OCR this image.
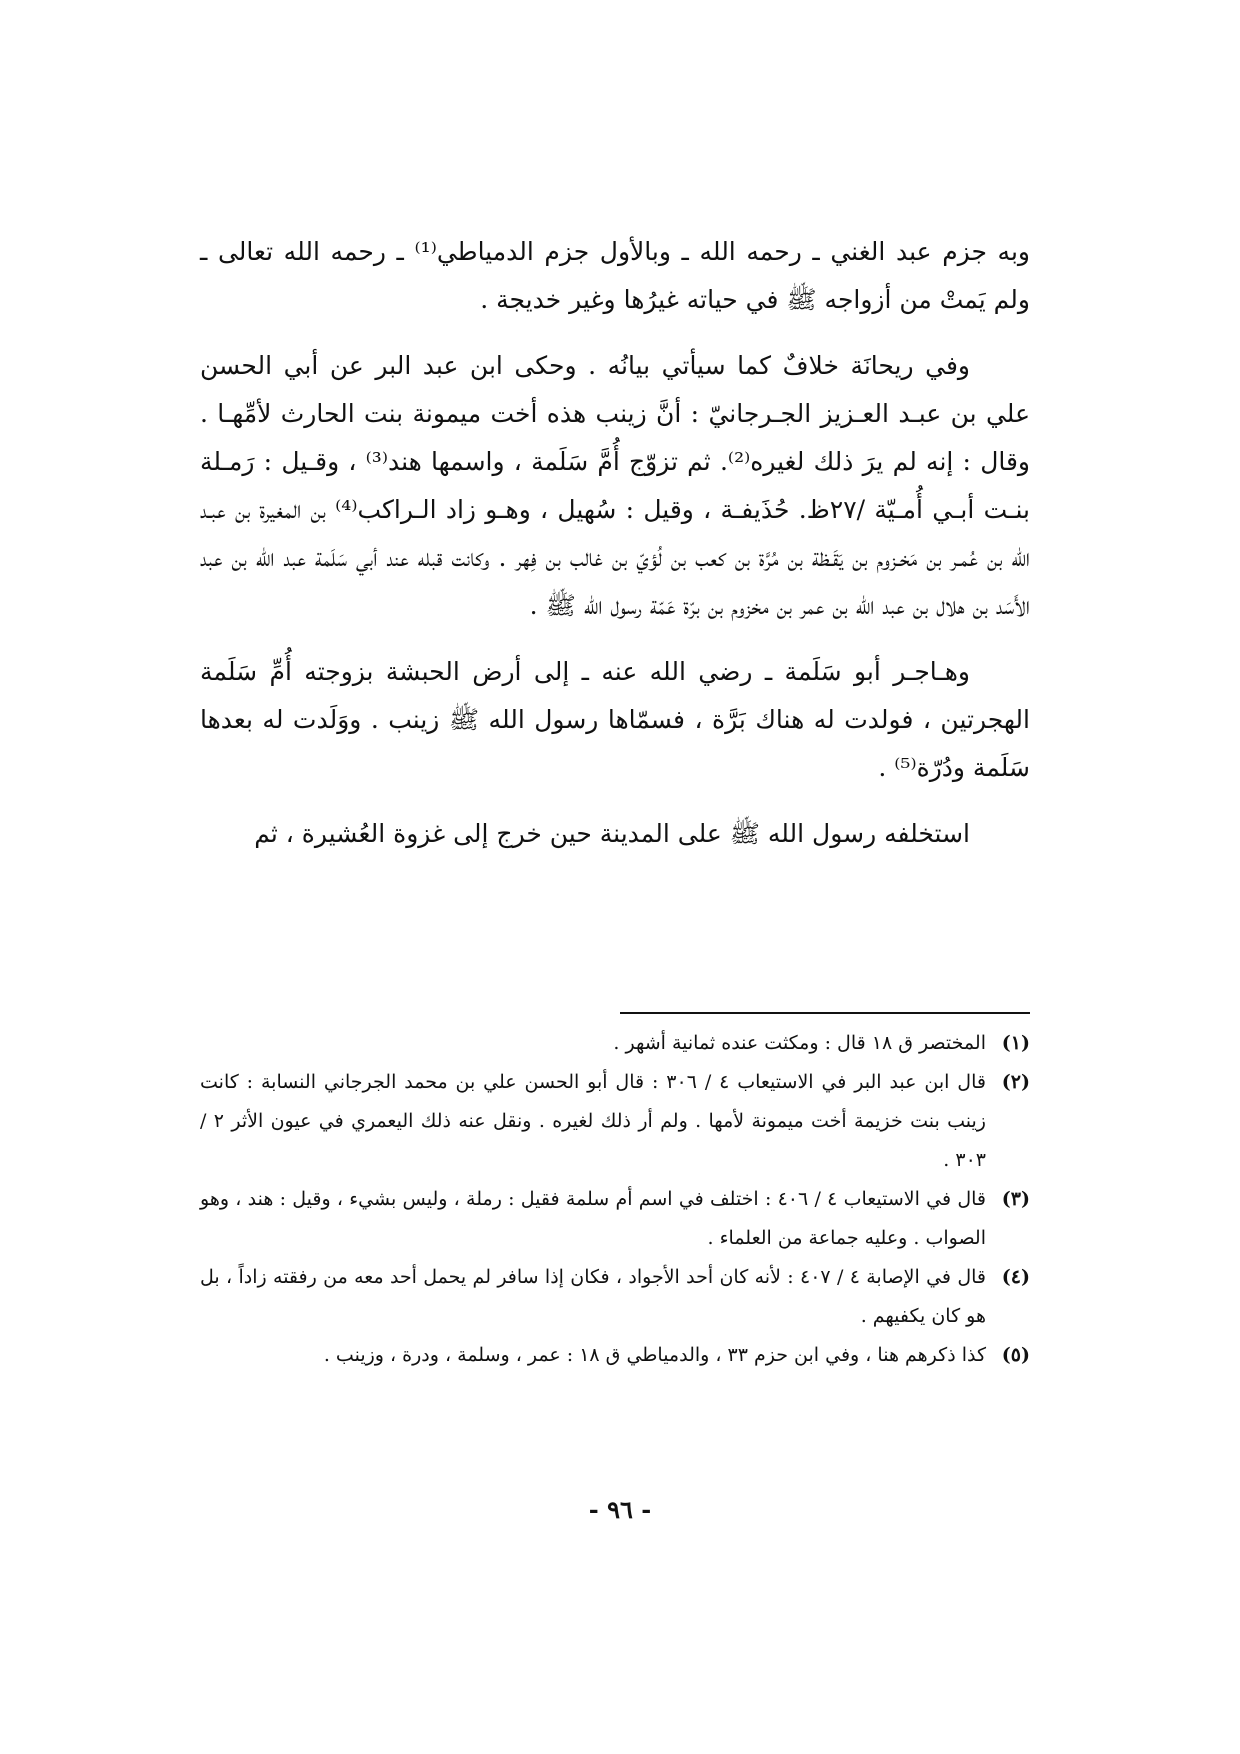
وبه جزم عبد الغني ـ رحمه الله ـ وبالأول جزم الدمياطي⁽¹⁾ ـ رحمه الله تعالى ـ ولم يَمتْ من أزواجه ﷺ في حياته غيرُها وغير خديجة .

وفي ريحانَة خلافٌ كما سيأتي بيانُه . وحكى ابن عبد البر عن أبي الحسن علي بن عبـد العـزيز الجـرجانيّ : أنَّ زينب هذه أخت ميمونة بنت الحارث لأمِّهـا . وقال : إنه لم يرَ ذلك لغيره⁽²⁾. ثم تزوّج أُمَّ سَلَمة ، واسمها هند⁽³⁾ ، وقـيل : رَمـلة بنـت أبـي أُمـيّة /٢٧ظ. حُذَيفـة ، وقيل : سُهيل ، وهـو زاد الـراكب⁽⁴⁾ بن المغيرة بن عبـد الله بن عُمـر بن مَخـزوم بن يَقَـظة بن مُرَّة بن كعب بن لُؤيّ بن غالب بن فِهر . وكانت قبله عند أبي سَلَمة عبد الله بن عبد الأَسَد بن هلال بن عبد الله بن عمر بن مخزوم بن برّة عَمّة رسول الله ﷺ .

وهـاجـر أبو سَلَمة ـ رضي الله عنه ـ إلى أرض الحبشة بزوجته أُمِّ سَلَمة الهجرتين ، فولدت له هناك بَرَّة ، فسمّاها رسول الله ﷺ زينب . ووَلَدت له بعدها سَلَمة ودُرّة⁽⁵⁾ .

استخلفه رسول الله ﷺ على المدينة حين خرج إلى غزوة العُشيرة ، ثم

(١)
المختصر ق ١٨ قال : ومكثت عنده ثمانية أشهر .
(٢)
قال ابن عبد البر في الاستيعاب ٤ / ٣٠٦ : قال أبو الحسن علي بن محمد الجرجاني النسابة : كانت زينب بنت خزيمة أخت ميمونة لأمها . ولم أر ذلك لغيره . ونقل عنه ذلك اليعمري في عيون الأثر ٢ / ٣٠٣ .
(٣)
قال في الاستيعاب ٤ / ٤٠٦ : اختلف في اسم أم سلمة فقيل : رملة ، وليس بشيء ، وقيل : هند ، وهو الصواب . وعليه جماعة من العلماء .
(٤)
قال في الإصابة ٤ / ٤٠٧ : لأنه كان أحد الأجواد ، فكان إذا سافر لم يحمل أحد معه من رفقته زاداً ، بل هو كان يكفيهم .
(٥)
كذا ذكرهم هنا ، وفي ابن حزم ٣٣ ، والدمياطي ق ١٨ : عمر ، وسلمة ، ودرة ، وزينب .
- ٩٦ -
